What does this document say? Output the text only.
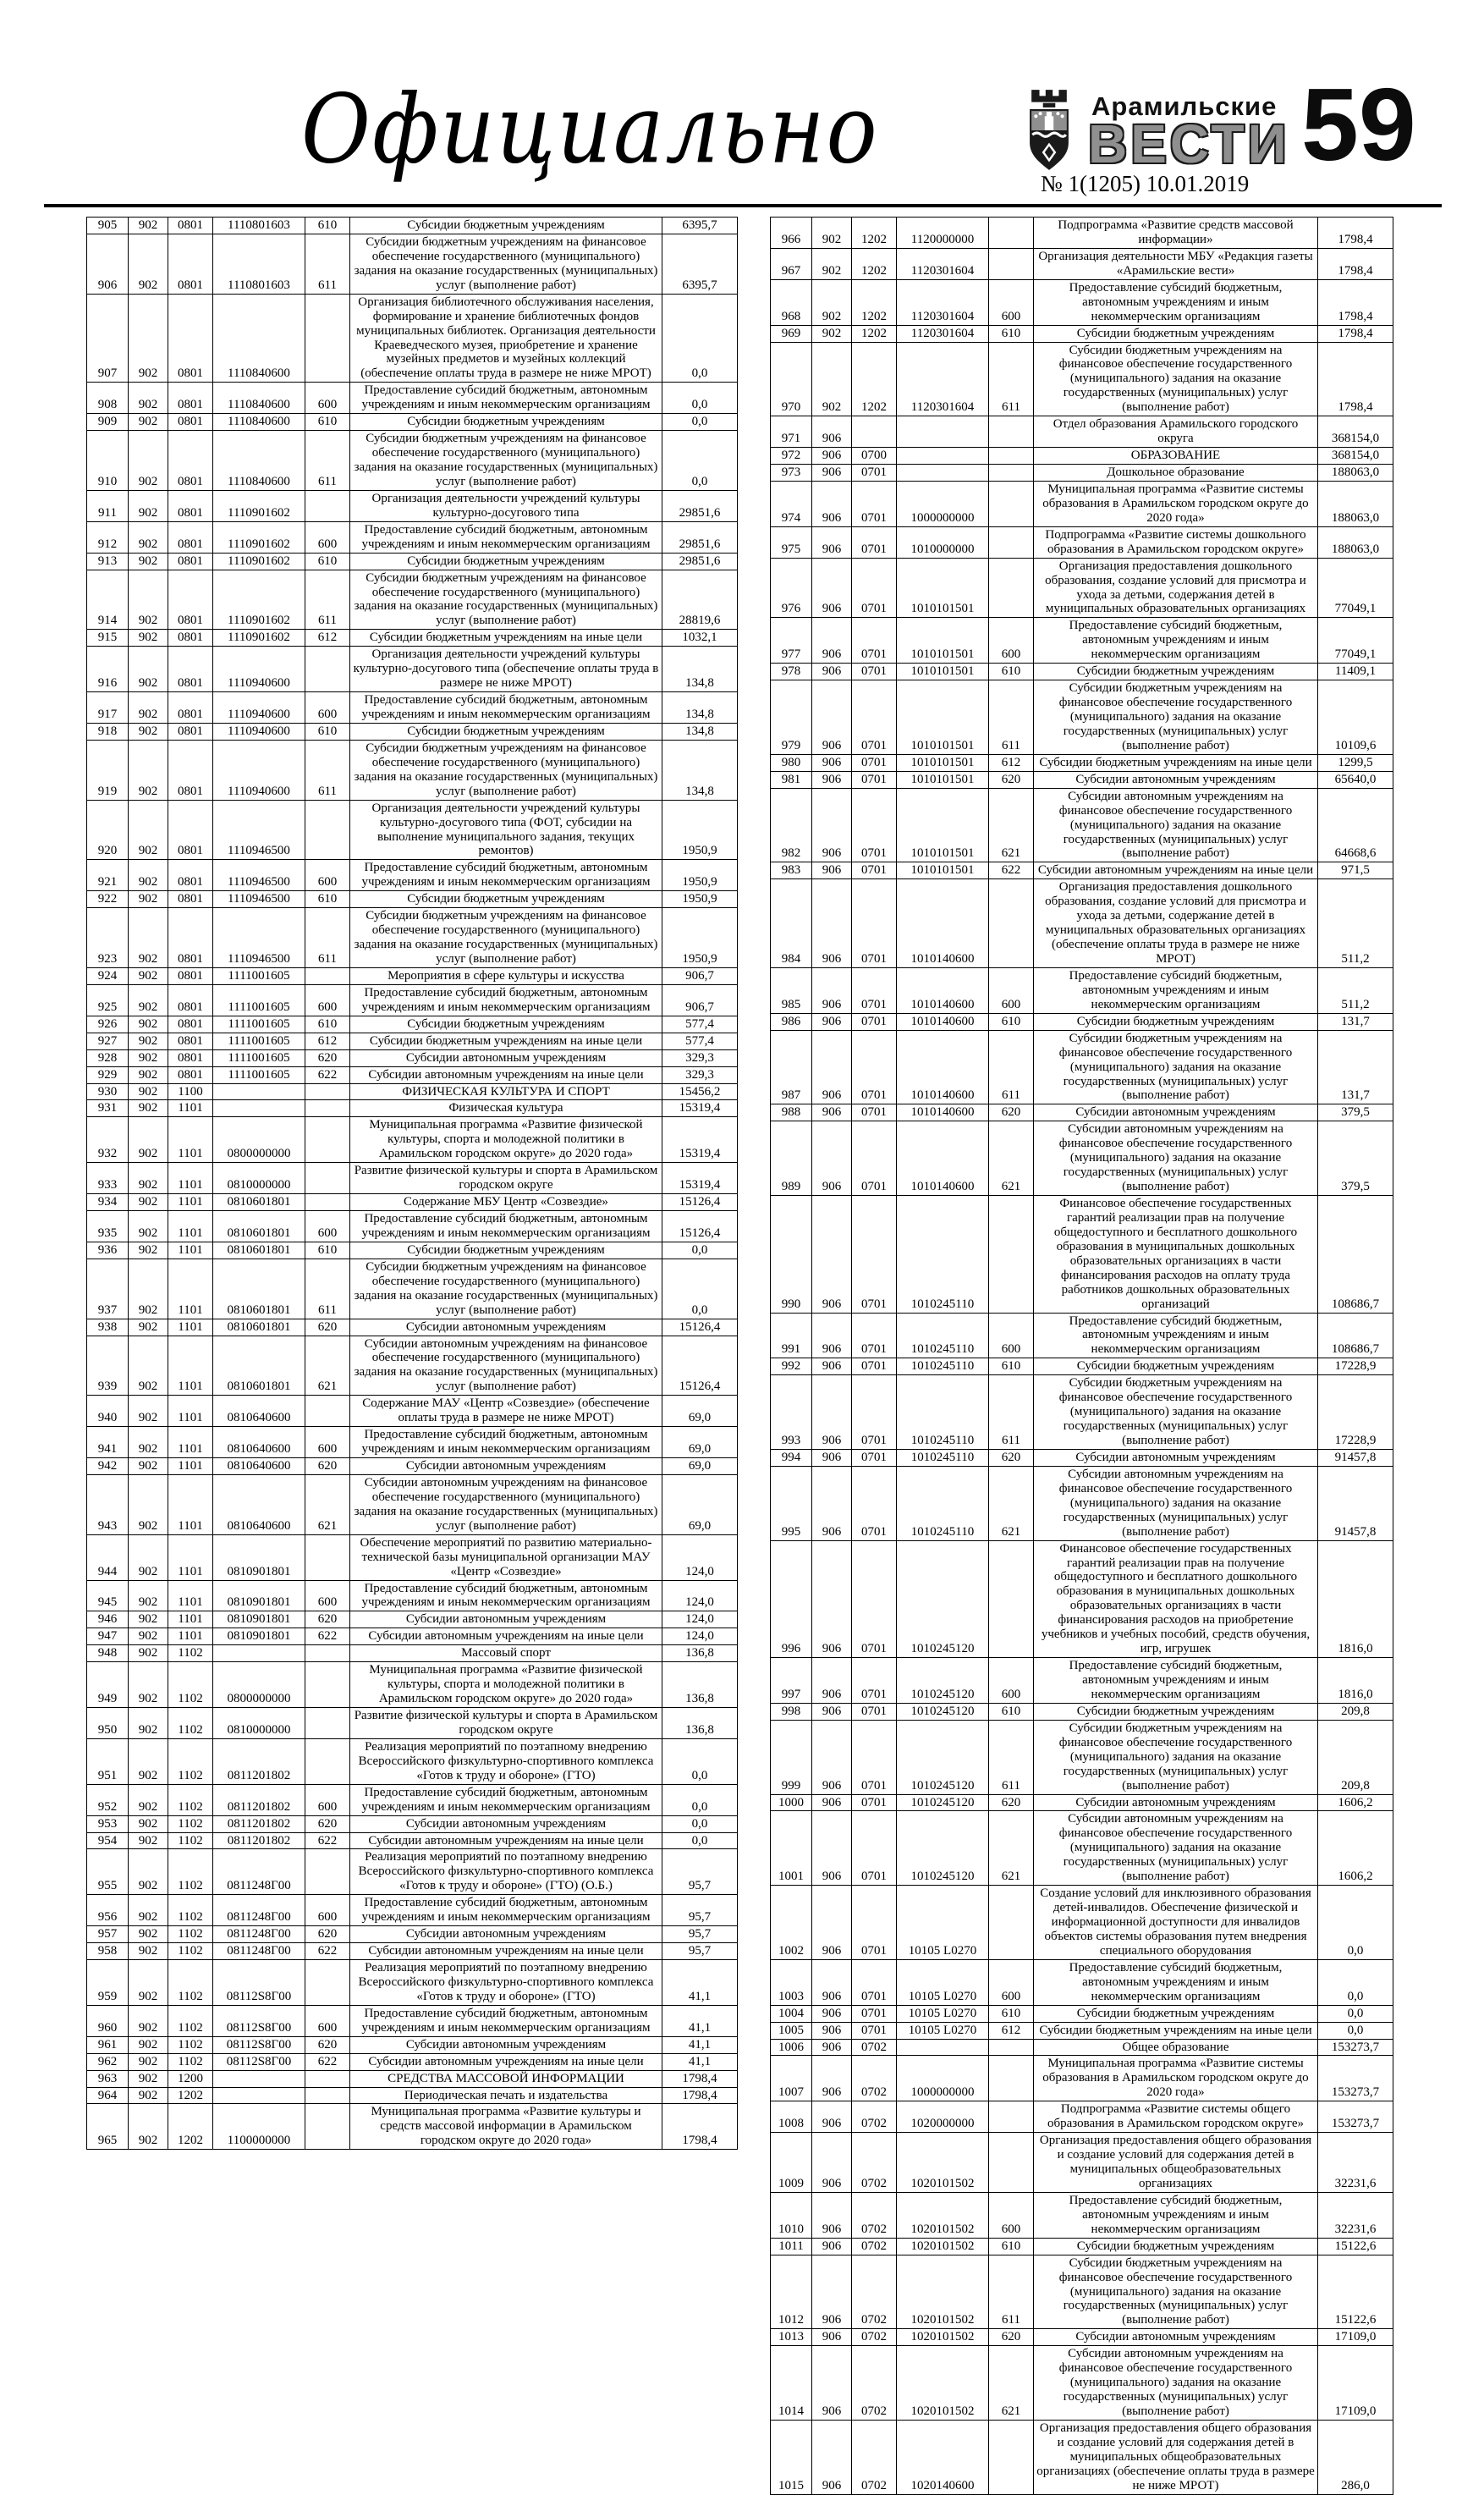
Официально	Арамильские
ВЕСТИ 59
№ 1(1205) 10.01.2019
905	902	0801	1110801603	610	Субсидии бюджетным учреждениям	6395,7
906	902	0801	1110801603	611	Субсидии бюджетным учреждениям на финансовое обеспечение государственного (муниципального) задания на оказание государственных (муниципальных) услуг (выполнение работ)	6395,7
907	902	0801	1110840600		Организация библиотечного обслуживания населения, формирование и хранение библиотечных фондов муниципальных библиотек. Организация деятельности Краеведческого музея, приобретение и хранение музейных предметов и музейных коллекций (обеспечение оплаты труда в размере не ниже МРОТ)	0,0
908	902	0801	1110840600	600	Предоставление субсидий бюджетным, автономным учреждениям и иным некоммерческим организациям	0,0
909	902	0801	1110840600	610	Субсидии бюджетным учреждениям	0,0
910	902	0801	1110840600	611	Субсидии бюджетным учреждениям на финансовое обеспечение государственного (муниципального) задания на оказание государственных (муниципальных) услуг (выполнение работ)	0,0
911	902	0801	1110901602		Организация деятельности учреждений культуры культурно-досугового типа	29851,6
912	902	0801	1110901602	600	Предоставление субсидий бюджетным, автономным учреждениям и иным некоммерческим организациям	29851,6
913	902	0801	1110901602	610	Субсидии бюджетным учреждениям	29851,6
914	902	0801	1110901602	611	Субсидии бюджетным учреждениям на финансовое обеспечение государственного (муниципального) задания на оказание государственных (муниципальных) услуг (выполнение работ)	28819,6
915	902	0801	1110901602	612	Субсидии бюджетным учреждениям на иные цели	1032,1
916	902	0801	1110940600		Организация деятельности учреждений культуры культурно-досугового типа (обеспечение оплаты труда в размере не ниже МРОТ)	134,8
917	902	0801	1110940600	600	Предоставление субсидий бюджетным, автономным учреждениям и иным некоммерческим организациям	134,8
918	902	0801	1110940600	610	Субсидии бюджетным учреждениям	134,8
919	902	0801	1110940600	611	Субсидии бюджетным учреждениям на финансовое обеспечение государственного (муниципального) задания на оказание государственных (муниципальных) услуг (выполнение работ)	134,8
920	902	0801	1110946500		Организация деятельности учреждений культуры культурно-досугового типа (ФОТ, субсидии на выполнение муниципального задания, текущих ремонтов)	1950,9
921	902	0801	1110946500	600	Предоставление субсидий бюджетным, автономным учреждениям и иным некоммерческим организациям	1950,9
922	902	0801	1110946500	610	Субсидии бюджетным учреждениям	1950,9
923	902	0801	1110946500	611	Субсидии бюджетным учреждениям на финансовое обеспечение государственного (муниципального) задания на оказание государственных (муниципальных) услуг (выполнение работ)	1950,9
924	902	0801	1111001605		Мероприятия в сфере культуры и искусства	906,7
925	902	0801	1111001605	600	Предоставление субсидий бюджетным, автономным учреждениям и иным некоммерческим организациям	906,7
926	902	0801	1111001605	610	Субсидии бюджетным учреждениям	577,4
927	902	0801	1111001605	612	Субсидии бюджетным учреждениям на иные цели	577,4
928	902	0801	1111001605	620	Субсидии автономным учреждениям	329,3
929	902	0801	1111001605	622	Субсидии автономным учреждениям на иные цели	329,3
930	902	1100			ФИЗИЧЕСКАЯ КУЛЬТУРА И СПОРТ	15456,2
931	902	1101			Физическая культура	15319,4
932	902	1101	0800000000		Муниципальная программа «Развитие физической культуры, спорта и молодежной политики в Арамильском городском округе» до 2020 года»	15319,4
933	902	1101	0810000000		Развитие физической культуры и спорта в Арамильском городском округе	15319,4
934	902	1101	0810601801		Содержание МБУ Центр «Созвездие»	15126,4
935	902	1101	0810601801	600	Предоставление субсидий бюджетным, автономным учреждениям и иным некоммерческим организациям	15126,4
936	902	1101	0810601801	610	Субсидии бюджетным учреждениям	0,0
937	902	1101	0810601801	611	Субсидии бюджетным учреждениям на финансовое обеспечение государственного (муниципального) задания на оказание государственных (муниципальных) услуг (выполнение работ)	0,0
938	902	1101	0810601801	620	Субсидии автономным учреждениям	15126,4
939	902	1101	0810601801	621	Субсидии автономным учреждениям на финансовое обеспечение государственного (муниципального) задания на оказание государственных (муниципальных) услуг (выполнение работ)	15126,4
940	902	1101	0810640600		Содержание МАУ «Центр «Созвездие» (обеспечение оплаты труда в размере не ниже МРОТ)	69,0
941	902	1101	0810640600	600	Предоставление субсидий бюджетным, автономным учреждениям и иным некоммерческим организациям	69,0
942	902	1101	0810640600	620	Субсидии автономным учреждениям	69,0
943	902	1101	0810640600	621	Субсидии автономным учреждениям на финансовое обеспечение государственного (муниципального) задания на оказание государственных (муниципальных) услуг (выполнение работ)	69,0
944	902	1101	0810901801		Обеспечение мероприятий по развитию материально-технической базы муниципальной организации МАУ «Центр «Созвездие»	124,0
945	902	1101	0810901801	600	Предоставление субсидий бюджетным, автономным учреждениям и иным некоммерческим организациям	124,0
946	902	1101	0810901801	620	Субсидии автономным учреждениям	124,0
947	902	1101	0810901801	622	Субсидии автономным учреждениям на иные цели	124,0
948	902	1102			Массовый спорт	136,8
949	902	1102	0800000000		Муниципальная программа «Развитие физической культуры, спорта и молодежной политики в Арамильском городском округе» до 2020 года»	136,8
950	902	1102	0810000000		Развитие физической культуры и спорта в Арамильском городском округе	136,8
951	902	1102	0811201802		Реализация мероприятий по поэтапному внедрению Всероссийского физкультурно-спортивного комплекса «Готов к труду и обороне» (ГТО)	0,0
952	902	1102	0811201802	600	Предоставление субсидий бюджетным, автономным учреждениям и иным некоммерческим организациям	0,0
953	902	1102	0811201802	620	Субсидии автономным учреждениям	0,0
954	902	1102	0811201802	622	Субсидии автономным учреждениям на иные цели	0,0
955	902	1102	0811248Г00		Реализация мероприятий по поэтапному внедрению Всероссийского физкультурно-спортивного комплекса «Готов к труду и обороне» (ГТО) (О.Б.)	95,7
956	902	1102	0811248Г00	600	Предоставление субсидий бюджетным, автономным учреждениям и иным некоммерческим организациям	95,7
957	902	1102	0811248Г00	620	Субсидии автономным учреждениям	95,7
958	902	1102	0811248Г00	622	Субсидии автономным учреждениям на иные цели	95,7
959	902	1102	08112S8Г00		Реализация мероприятий по поэтапному внедрению Всероссийского физкультурно-спортивного комплекса «Готов к труду и обороне» (ГТО)	41,1
960	902	1102	08112S8Г00	600	Предоставление субсидий бюджетным, автономным учреждениям и иным некоммерческим организациям	41,1
961	902	1102	08112S8Г00	620	Субсидии автономным учреждениям	41,1
962	902	1102	08112S8Г00	622	Субсидии автономным учреждениям на иные цели	41,1
963	902	1200			СРЕДСТВА МАССОВОЙ ИНФОРМАЦИИ	1798,4
964	902	1202			Периодическая печать и издательства	1798,4
965	902	1202	1100000000		Муниципальная программа «Развитие культуры и средств массовой информации в Арамильском городском округе до 2020 года»	1798,4
966	902	1202	1120000000		Подпрограмма «Развитие средств массовой информации»	1798,4
967	902	1202	1120301604		Организация деятельности МБУ «Редакция газеты «Арамильские вести»	1798,4
968	902	1202	1120301604	600	Предоставление субсидий бюджетным, автономным учреждениям и иным некоммерческим организациям	1798,4
969	902	1202	1120301604	610	Субсидии бюджетным учреждениям	1798,4
970	902	1202	1120301604	611	Субсидии бюджетным учреждениям на финансовое обеспечение государственного (муниципального) задания на оказание государственных (муниципальных) услуг (выполнение работ)	1798,4
971	906				Отдел образования Арамильского городского округа	368154,0
972	906	0700			ОБРАЗОВАНИЕ	368154,0
973	906	0701			Дошкольное образование	188063,0
974	906	0701	1000000000		Муниципальная программа «Развитие системы образования в Арамильском городском округе до 2020 года»	188063,0
975	906	0701	1010000000		Подпрограмма «Развитие системы дошкольного образования в Арамильском городском округе»	188063,0
976	906	0701	1010101501		Организация предоставления дошкольного образования, создание условий для присмотра и ухода за детьми, содержания детей в муниципальных образовательных организациях	77049,1
977	906	0701	1010101501	600	Предоставление субсидий бюджетным, автономным учреждениям и иным некоммерческим организациям	77049,1
978	906	0701	1010101501	610	Субсидии бюджетным учреждениям	11409,1
979	906	0701	1010101501	611	Субсидии бюджетным учреждениям на финансовое обеспечение государственного (муниципального) задания на оказание государственных (муниципальных) услуг (выполнение работ)	10109,6
980	906	0701	1010101501	612	Субсидии бюджетным учреждениям на иные цели	1299,5
981	906	0701	1010101501	620	Субсидии автономным учреждениям	65640,0
982	906	0701	1010101501	621	Субсидии автономным учреждениям на финансовое обеспечение государственного (муниципального) задания на оказание государственных (муниципальных) услуг (выполнение работ)	64668,6
983	906	0701	1010101501	622	Субсидии автономным учреждениям на иные цели	971,5
984	906	0701	1010140600		Организация предоставления дошкольного образования, создание условий для присмотра и ухода за детьми, содержание детей в муниципальных образовательных организациях (обеспечение оплаты труда в размере не ниже МРОТ)	511,2
985	906	0701	1010140600	600	Предоставление субсидий бюджетным, автономным учреждениям и иным некоммерческим организациям	511,2
986	906	0701	1010140600	610	Субсидии бюджетным учреждениям	131,7
987	906	0701	1010140600	611	Субсидии бюджетным учреждениям на финансовое обеспечение государственного (муниципального) задания на оказание государственных (муниципальных) услуг (выполнение работ)	131,7
988	906	0701	1010140600	620	Субсидии автономным учреждениям	379,5
989	906	0701	1010140600	621	Субсидии автономным учреждениям на финансовое обеспечение государственного (муниципального) задания на оказание государственных (муниципальных) услуг (выполнение работ)	379,5
990	906	0701	1010245110		Финансовое обеспечение государственных гарантий реализации прав на получение общедоступного и бесплатного дошкольного образования в муниципальных дошкольных образовательных организациях в части финансирования расходов на оплату труда работников дошкольных образовательных организаций	108686,7
991	906	0701	1010245110	600	Предоставление субсидий бюджетным, автономным учреждениям и иным некоммерческим организациям	108686,7
992	906	0701	1010245110	610	Субсидии бюджетным учреждениям	17228,9
993	906	0701	1010245110	611	Субсидии бюджетным учреждениям на финансовое обеспечение государственного (муниципального) задания на оказание государственных (муниципальных) услуг (выполнение работ)	17228,9
994	906	0701	1010245110	620	Субсидии автономным учреждениям	91457,8
995	906	0701	1010245110	621	Субсидии автономным учреждениям на финансовое обеспечение государственного (муниципального) задания на оказание государственных (муниципальных) услуг (выполнение работ)	91457,8
996	906	0701	1010245120		Финансовое обеспечение государственных гарантий реализации прав на получение общедоступного и бесплатного дошкольного образования в муниципальных дошкольных образовательных организациях в части финансирования расходов на приобретение учебников и учебных пособий, средств обучения, игр, игрушек	1816,0
997	906	0701	1010245120	600	Предоставление субсидий бюджетным, автономным учреждениям и иным некоммерческим организациям	1816,0
998	906	0701	1010245120	610	Субсидии бюджетным учреждениям	209,8
999	906	0701	1010245120	611	Субсидии бюджетным учреждениям на финансовое обеспечение государственного (муниципального) задания на оказание государственных (муниципальных) услуг (выполнение работ)	209,8
1000	906	0701	1010245120	620	Субсидии автономным учреждениям	1606,2
1001	906	0701	1010245120	621	Субсидии автономным учреждениям на финансовое обеспечение государственного (муниципального) задания на оказание государственных (муниципальных) услуг (выполнение работ)	1606,2
1002	906	0701	10105 L0270		Создание условий для инклюзивного образования детей-инвалидов. Обеспечение физической и информационной доступности для инвалидов объектов системы образования путем внедрения специального оборудования	0,0
1003	906	0701	10105 L0270	600	Предоставление субсидий бюджетным, автономным учреждениям и иным некоммерческим организациям	0,0
1004	906	0701	10105 L0270	610	Субсидии бюджетным учреждениям	0,0
1005	906	0701	10105 L0270	612	Субсидии бюджетным учреждениям на иные цели	0,0
1006	906	0702			Общее образование	153273,7
1007	906	0702	1000000000		Муниципальная программа «Развитие системы образования в Арамильском городском округе до 2020 года»	153273,7
1008	906	0702	1020000000		Подпрограмма «Развитие системы общего образования в Арамильском городском округе»	153273,7
1009	906	0702	1020101502		Организация предоставления общего образования и создание условий для содержания детей в муниципальных общеобразовательных организациях	32231,6
1010	906	0702	1020101502	600	Предоставление субсидий бюджетным, автономным учреждениям и иным некоммерческим организациям	32231,6
1011	906	0702	1020101502	610	Субсидии бюджетным учреждениям	15122,6
1012	906	0702	1020101502	611	Субсидии бюджетным учреждениям на финансовое обеспечение государственного (муниципального) задания на оказание государственных (муниципальных) услуг (выполнение работ)	15122,6
1013	906	0702	1020101502	620	Субсидии автономным учреждениям	17109,0
1014	906	0702	1020101502	621	Субсидии автономным учреждениям на финансовое обеспечение государственного (муниципального) задания на оказание государственных (муниципальных) услуг (выполнение работ)	17109,0
1015	906	0702	1020140600		Организация предоставления общего образования и создание условий для содержания детей в муниципальных общеобразовательных организациях (обеспечение оплаты труда в размере не ниже МРОТ)	286,0
